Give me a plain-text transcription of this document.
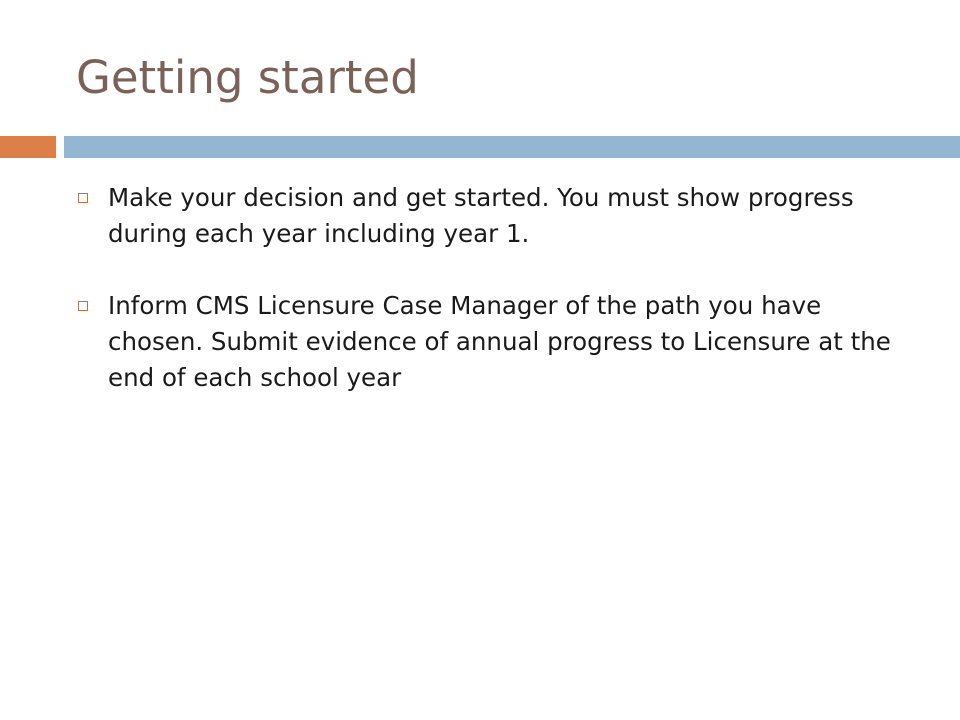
Getting started
Make your decision and get started. You must show progress during each year including year 1.
Inform CMS Licensure Case Manager of the path you have chosen. Submit evidence of annual progress to Licensure at the end of each school year
